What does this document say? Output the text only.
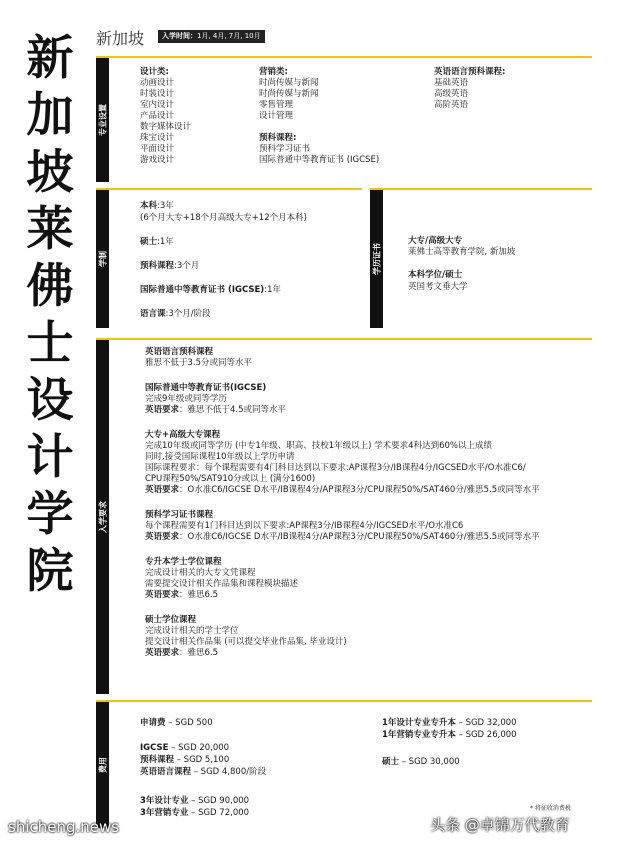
新
加
坡
莱
佛
士
设
计
学
院
新加坡	入学时间：1月, 4月, 7月, 10月
专业设置
设计类:
动画设计
时装设计
室内设计
产品设计
数字媒体设计
珠宝设计
平面设计
游戏设计
营销类:
时尚传媒与新闻
时尚传媒与新闻
零售管理
设计管理
预科课程:
预科学习证书
国际普通中等教育证书 (IGCSE)
英语语言预科课程:
基础英语
高级英语
高阶英语
学制
本科:3年
(6个月大专+18个月高级大专+12个月本科)
硕士:1年
预科课程:3个月
国际普通中等教育证书 (IGCSE):1年
语言课:3个月/阶段
学历证书
大专/高级大专
莱佛士高等教育学院, 新加坡
本科学位/硕士
英国考文垂大学
入学要求
英语语言预科课程
雅思不低于3.5分或同等水平
国际普通中等教育证书(IGCSE)
完成9年级或同等学历
英语要求：雅思不低于4.5或同等水平
大专+高级大专课程
完成10年级或同等学历 (中专1年级、职高、技校1年级以上) 学术要求4科达到60%以上成绩
同时,接受国际课程10年级以上学历申请
国际课程要求：每个课程需要有4门科目达到以下要求:AP课程3分/IB课程4分/IGCSED水平/O水准C6/
CPU课程50%/SAT910分或以上 (满分1600)
英语要求：O水准C6/IGCSE D水平/IB课程4分/AP课程3分/CPU课程50%/SAT460分/雅思5.5或同等水平
预科学习证书课程
每个课程需要有1门科目达到以下要求:AP课程3分/IB课程4分/IGCSED水平/O水准C6
英语要求：O水准C6/IGCSE D水平/IB课程4分/AP课程3分/CPU课程50%/SAT460分/雅思5.5或同等水平
专升本学士学位课程
完成设计相关的大专文凭课程
需要提交设计相关作品集和课程模块描述
英语要求：雅思6.5
硕士学位课程
完成设计相关的学士学位
提交设计相关作品集 (可以提交毕业作品集, 毕业设计)
英语要求：雅思6.5
费用
申请费 – SGD 500
IGCSE – SGD 20,000
预科课程 – SGD 5,100
英语语言课程 – SGD 4,800/阶段
3年设计专业 – SGD 90,000
3年营销专业 – SGD 72,000
1年设计专业专升本 – SGD 32,000
1年营销专业专升本 – SGD 26,000
硕士 – SGD 30,000
* 将征收消费税
shicheng.news	头条 @卓锦万代教育
